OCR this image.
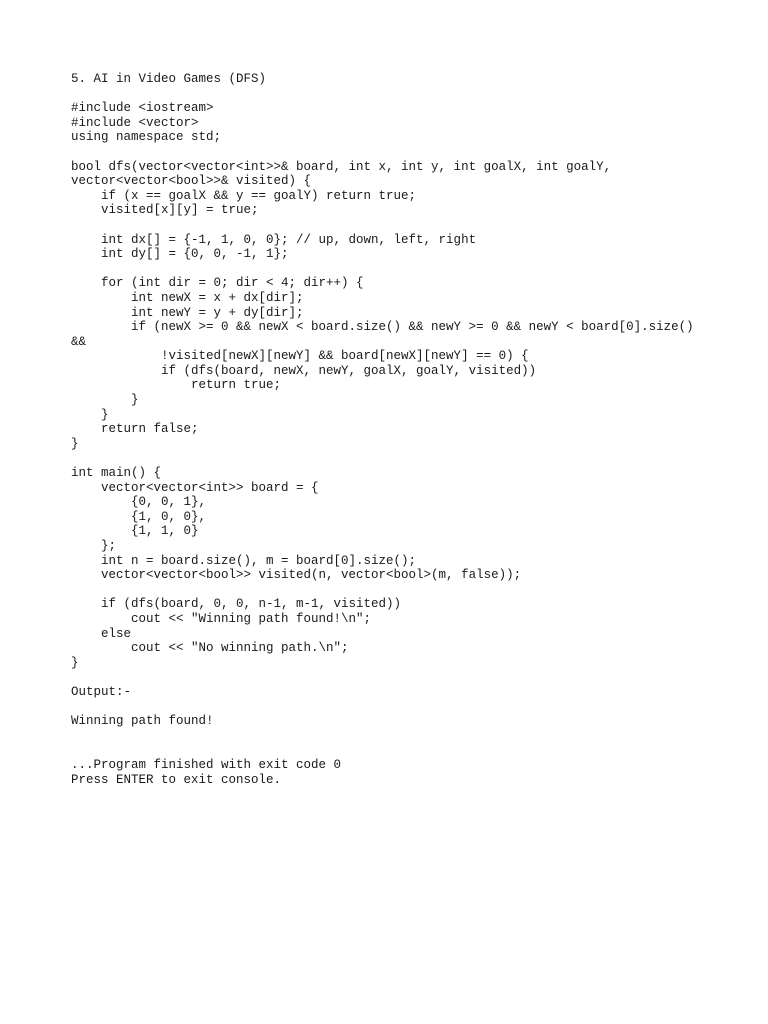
5. AI in Video Games (DFS)
#include <iostream>
#include <vector>
using namespace std;
bool dfs(vector<vector<int>>& board, int x, int y, int goalX, int goalY,
vector<vector<bool>>& visited) {
if (x == goalX && y == goalY) return true;
visited[x][y] = true;
int dx[] = {-1, 1, 0, 0}; // up, down, left, right
int dy[] = {0, 0, -1, 1};
for (int dir = 0; dir < 4; dir++) {
int newX = x + dx[dir];
int newY = y + dy[dir];
if (newX >= 0 && newX < board.size() && newY >= 0 && newY < board[0].size()
&&
!visited[newX][newY] && board[newX][newY] == 0) {
if (dfs(board, newX, newY, goalX, goalY, visited))
return true;
}
}
return false;
}
int main() {
vector<vector<int>> board = {
{0, 0, 1},
{1, 0, 0},
{1, 1, 0}
};
int n = board.size(), m = board[0].size();
vector<vector<bool>> visited(n, vector<bool>(m, false));
if (dfs(board, 0, 0, n-1, m-1, visited))
cout << "Winning path found!\n";
else
cout << "No winning path.\n";
}
Output:-
Winning path found!
...Program finished with exit code 0
Press ENTER to exit console.
